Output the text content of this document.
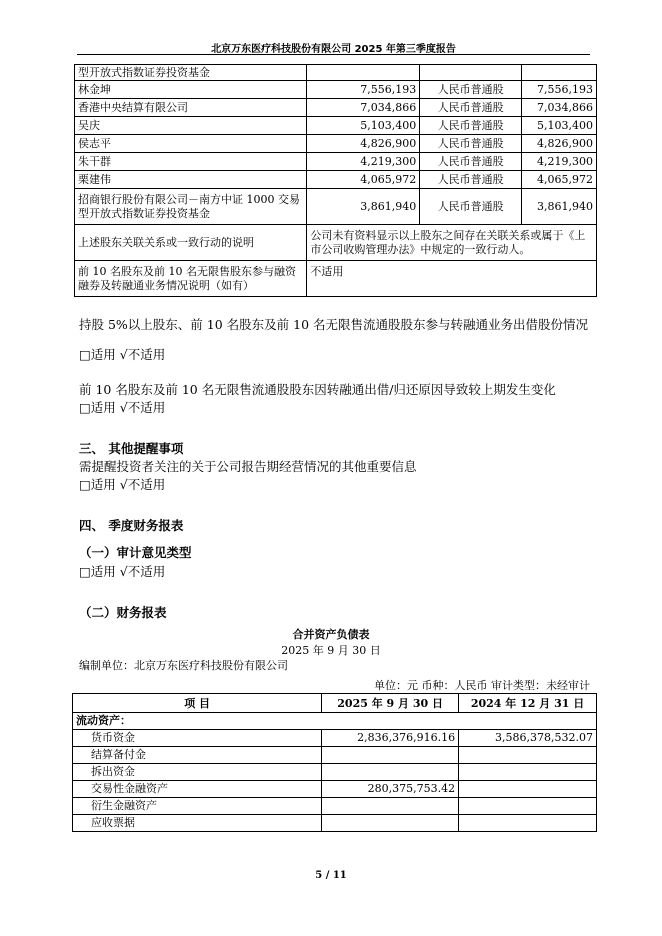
北京万东医疗科技股份有限公司 2025 年第三季度报告
型开放式指数证券投资基金			
林金坤	7,556,193	人民币普通股	7,556,193
香港中央结算有限公司	7,034,866	人民币普通股	7,034,866
吴庆	5,103,400	人民币普通股	5,103,400
侯志平	4,826,900	人民币普通股	4,826,900
朱干群	4,219,300	人民币普通股	4,219,300
栗建伟	4,065,972	人民币普通股	4,065,972
招商银行股份有限公司－南方中证 1000 交易型开放式指数证券投资基金	3,861,940	人民币普通股	3,861,940
上述股东关联关系或一致行动的说明	公司未有资料显示以上股东之间存在关联关系或属于《上市公司收购管理办法》中规定的一致行动人。		
前 10 名股东及前 10 名无限售股东参与融资融券及转融通业务情况说明（如有）	不适用		
持股 5%以上股东、前 10 名股东及前 10 名无限售流通股股东参与转融通业务出借股份情况
□适用 √不适用
前 10 名股东及前 10 名无限售流通股股东因转融通出借/归还原因导致较上期发生变化
□适用 √不适用
三、 其他提醒事项
需提醒投资者关注的关于公司报告期经营情况的其他重要信息
□适用 √不适用
四、 季度财务报表
（一）审计意见类型
□适用 √不适用
（二）财务报表
合并资产负债表
2025 年 9 月 30 日
编制单位：北京万东医疗科技股份有限公司
单位：元 币种：人民币 审计类型：未经审计
项 目	2025 年 9 月 30 日	2024 年 12 月 31 日
流动资产：		
货币资金	2,836,376,916.16	3,586,378,532.07
结算备付金		
拆出资金		
交易性金融资产	280,375,753.42	
衍生金融资产		
应收票据		
5 / 11
